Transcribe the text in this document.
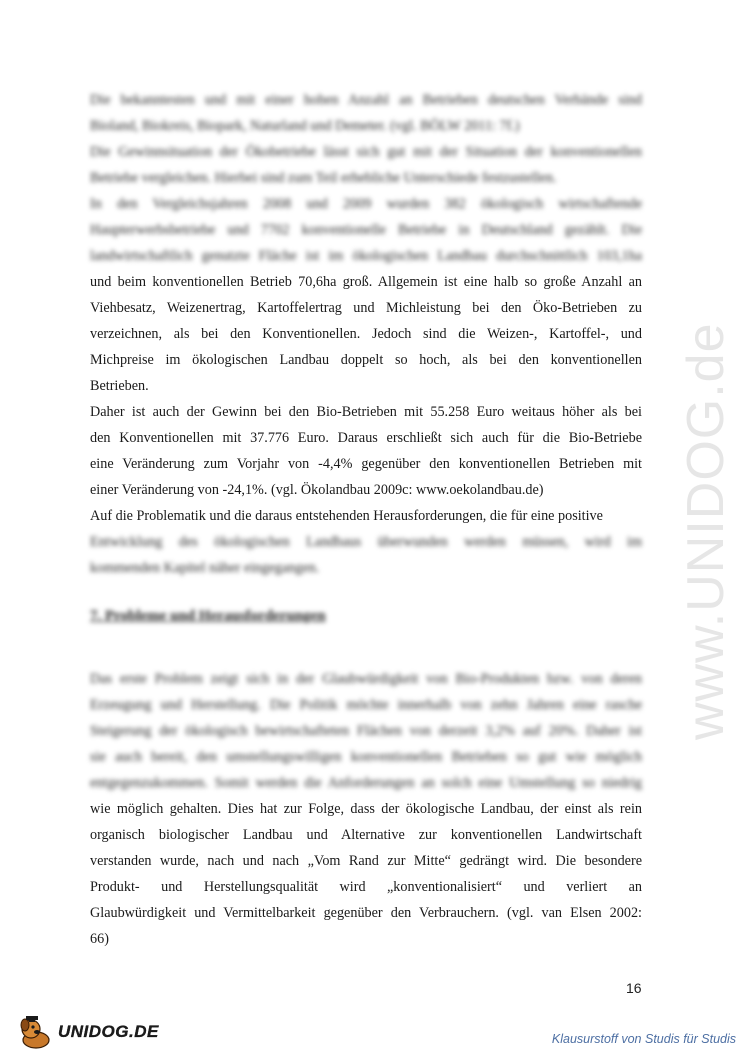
www.UNIDOG.de
Die bekanntesten und mit einer hohen Anzahl an Betrieben deutschen Verbände sind
Bioland, Biokreis, Biopark, Naturland und Demeter. (vgl. BÖLW 2011: 7f.)
Die Gewinnsituation der Ökobetriebe lässt sich gut mit der Situation der konventionellen
Betriebe vergleichen. Hierbei sind zum Teil erhebliche Unterschiede festzustellen.
In den Vergleichsjahren 2008 und 2009 wurden 382 ökologisch wirtschaftende
Haupterwerbsbetriebe und 7702 konventionelle Betriebe in Deutschland gezählt. Die
landwirtschaftlich genutzte Fläche ist im ökologischen Landbau durchschnittlich 103,1ha
und beim konventionellen Betrieb 70,6ha groß. Allgemein ist eine halb so große Anzahl an
Viehbesatz, Weizenertrag, Kartoffelertrag und Michleistung bei den Öko-Betrieben zu
verzeichnen, als bei den Konventionellen. Jedoch sind die Weizen-, Kartoffel-, und
Michpreise im ökologischen Landbau doppelt so hoch, als bei den konventionellen
Betrieben.
Daher ist auch der Gewinn bei den Bio-Betrieben mit 55.258 Euro weitaus höher als bei
den Konventionellen mit 37.776 Euro. Daraus erschließt sich auch für die Bio-Betriebe
eine Veränderung zum Vorjahr von -4,4% gegenüber den konventionellen Betrieben mit
einer Veränderung von -24,1%. (vgl. Ökolandbau 2009c: www.oekolandbau.de)
Auf die Problematik und die daraus entstehenden Herausforderungen, die für eine positive
Entwicklung des ökologischen Landbaus überwunden werden müssen, wird im
kommenden Kapitel näher eingegangen.
7. Probleme und Herausforderungen
Das erste Problem zeigt sich in der Glaubwürdigkeit von Bio-Produkten bzw. von deren
Erzeugung und Herstellung. Die Politik möchte innerhalb von zehn Jahren eine rasche
Steigerung der ökologisch bewirtschafteten Flächen von derzeit 3,2% auf 20%. Daher ist
sie auch bereit, den umstellungswilligen konventionellen Betrieben so gut wie möglich
entgegenzukommen. Somit werden die Anforderungen an solch eine Umstellung so niedrig
wie möglich gehalten. Dies hat zur Folge, dass der ökologische Landbau, der einst als rein
organisch biologischer Landbau und Alternative zur konventionellen Landwirtschaft
verstanden wurde, nach und nach „Vom Rand zur Mitte“ gedrängt wird. Die besondere
Produkt- und Herstellungsqualität wird „konventionalisiert“ und verliert an
Glaubwürdigkeit und Vermittelbarkeit gegenüber den Verbrauchern. (vgl. van Elsen 2002:
66)
16
UNIDOG.DE	Klausurstoff von Studis für Studis
